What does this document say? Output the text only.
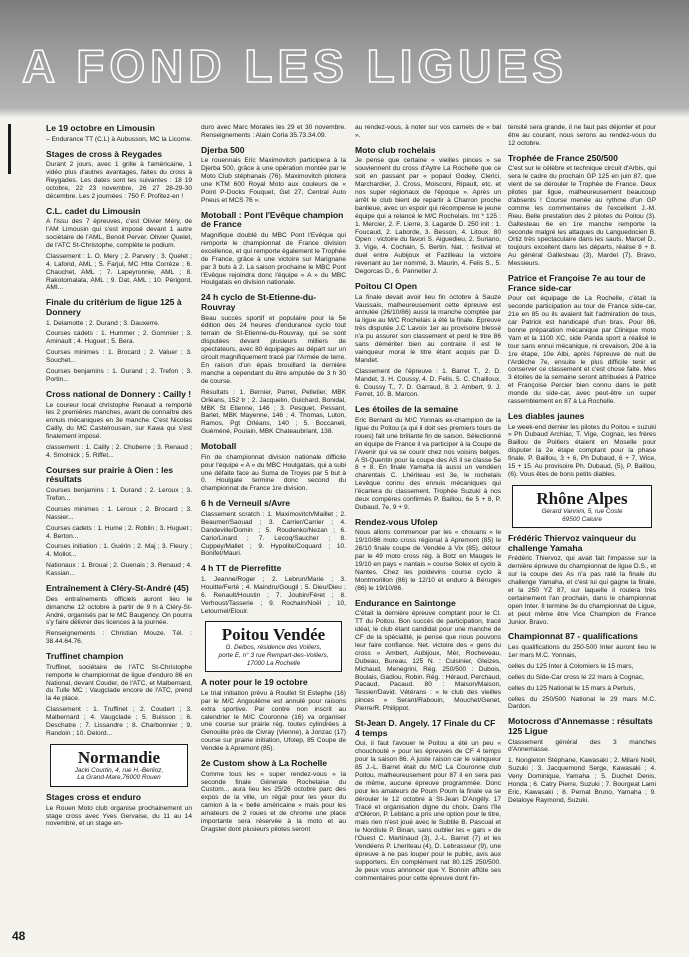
A FOND LES LIGUES
Le 19 octobre en Limousin

– Endurance TT (C.L) à Aubusson, MC la Licorne.

Stages de cross à Reygades

Durant 2 jours, avec 1 grille à l'américaine, 1 vidéo plus d'autres avantages, faites du cross à Reygades. Les dates sont les suivantes : 18 19 octobre, 22 23 novembre, 26 27 28-29-30 décembre. Les 2 journées : 750 F. Profitez-en !

C.L. cadet du Limousin

A l'issu des 7 épreuves, c'est Olivier Méry, de l'AM Limousin qui s'est imposé devant 1 autre sociétaire de l'AML, Benoit Perver. Olivier Quelet, de l'ATC St-Christophe, complète le podium.

Classement : 1. O. Mery ; 2. Parvery ; 3. Quelet ; 4. Lafond, AML ; 5. Farjul, MC Htte Corrèze ; 6. Chauchet, AML ; 7. Lapeyronnie, AML ; 8. Rakotomalala, AML ; 9. Dat, AML ; 10. Périgord, AMI...

Finale du critérium de ligue 125 à Donnery

1. Delamotte ; 2. Durand ; 3. Dauxerre.

Courses cadets : 1. Hummer ; 2. Gommier ; 3. Aminault ; 4. Huguet ; 5. Bera.

Courses minimes : 1. Brocard ; 2. Valuer ; 3. Souchet...

Courses benjamins : 1. Durand ; 2. Trefon ; 3. Portin...

Cross national de Donnery : Cailly !

Le coureur local christophe Renaud a remporté les 2 premières manches, avant de connaître des ennuis mécaniques en 3e manche. C'est Nicolas Cailly, du MC Castelrousain, sur Kawa qui s'est finalement imposé.

classement : 1. Cailly ; 2. Chuberre ; 3. Renaud ; 4. Smolnick ; 5. Riffet...

Courses sur prairie à Oien : les résultats

Courses benjamins : 1. Durand ; 2. Leroux ; 3. Trefon...

Courses minimes : 1. Leroux ; 2. Brocard ; 3. Nassier...

Courses cadets : 1. Hume ; 2. Roblin ; 3. Huguet ; 4. Berton...

Courses initiation : 1. Guérin ; 2. Maj ; 3. Fleury ; 4. Mollot...

Nationaux : 1. Brouai ; 2. Ouenais ; 3. Renaud ; 4. Kassian...

Entraînement à Cléry-St-André (45)

Des entraînements officiels auront lieu le dimanche 12 octobre à partir de 9 h à Cléry-St-André, organisés par le MC Baugency. On pourra s'y faire délivrer des licences à la journée.

Renseignements : Christian Mouze. Tél. : 38.44.64.76.

Truffinet champion

Truffinet, sociétaire de l'ATC St-Christophe remporte le championnat de ligue d'enduro 86 en National, devant Couder, de l'ATC, et Malbernard, du Tulle MC ; Vaugclade encore de l'ATC, prend la 4e place.

Classement : 1. Truffinet ; 2. Coudert ; 3. Malbernard ; 4. Vaugclade ; 5. Buisson ; 6. Deschatre ; 7. Lissandre ; 8. Charbonnier ; 9. Randoin ; 10. Delord...

Normandie
Jacki Courtin, 4, rue H.-Berlioz,
La Grand-Mare,76000 Rouen
Stages cross et enduro

Le Rouen Moto club organise prochainement un stage cross avec Yves Gervaise, du 11 au 14 novembre, et un stage en-

duro avec Marc Morales les 29 et 30 novembre. Renseignements : Alain Corla 35.73.34.09.

Djerba 500

Le rouennais Eric Maximovitch participera à la Djerba 500, grâce à une opération montée par le Moto Club stéphanais (76). Maximovitch pilotera une KTM 600 Royal Moto aux couleurs de « Point P-Docks Fouquet, Get 27, Central Auto Pneus et MCS 76 ».

Motoball : Pont l'Evêque champion de France

Magnifique doublé du MBC Pont l'Evêque qui remporte le championnat de France division excellence, et qui remporte également le Trophée de France, grâce à une victoire sur Marignane par 3 buts à 2. La saison prochaine le MBC Pont l'Evêque rejoindra donc l'équipe « A » du MBC Houlgatais en division nationale.

24 h cyclo de St-Etienne-du-Rouvray

Beau succès sportif et populaire pour la 5e édition des 24 heures d'endurance cyclo tout terrain de St-Etienne-du-Rouvray, qui se sont disputées devant plusieurs milliers de spectateurs, avec 80 équipages au départ sur un circuit magnifiquement tracé par l'Armée de terre. En raison d'un épais brouillard la dernière manche a cependant du être amputée de 3 h 30 de course.

Résultats : 1. Bernier, Parret, Pelletier, MBK Orléans, 152 tr ; 2. Jacquelin, Guichard, Bonidal, MBK St Etienne, 146 ; 3. Pesquet, Pessant, Barlet, MBK Mayenne, 146 ; 4. Thomas, Luton, Ramos, Pgt Orléans, 140 ; 5. Boccaneli, Guéméné, Poulain, MBK Chateaubriant, 138.

Motoball

Fin de championnat division nationale difficile pour l'équipe « A » du MBC Houlgatais, qui a subi une défaite face au Suma de Troyes par 5 but à 0. Houlgate termine donc second du championnat de France 1re division.

6 h de Verneuil s/Avre

Classement scratch : 1. Maximovitch/Maillet ; 2. Beaumer/Saouad ; 3. Carrier/Carrier ; 4. Dandeville/Domin ; 5. Roudenko/Nezan ; 6. Cario/Linard ; 7. Lecoq/Saucher ; 8. Cuppey/Mallet ; 9. Hypolite/Coquard ; 10. Bonifet/Mauri.

4 h TT de Pierrefitte

1. Jeanne/Roger ; 2. Lebrun/Marie ; 3. Houitte/Ferté ; 4. Maindru/Gougil ; 5. Dieu/Dieu ; 6. Renault/Houstin ; 7. Joubin/Féret ; 8. Verhoust/Tasserie ; 9. Rochain/Noël ; 10, Letournel/Elouir.

Poitou Vendée
G. Delbos, résidence des Voiliers,
porte E, n° 3 rue Rempart-des-Voiliers,
17000 La Rochelle
A noter pour le 19 octobre

Le trial initiation prévu à Roullet St Estephe (16) par le M/C Angoulême est annulé pour raisons extra sportive. Par contre non inscrit au calendrier le M/C Couronne (16) va organiser une course sur prairie rég. toutes cylindrées à Genouille près de Civray (Vienne), à Jonzac (17) course sur prairie initiation, Ufolep, 85 Coupe de Vendée à Apremont (85).

2e Custom show à La Rochelle

Comme tous les « super rendez-vous » la seconde finale Génerale Rochelaise du Custom... aura lieu les 25/26 octobre parc des expos de la ville, un régal pour les yeux du camion à la « belle américaine » mais pour les amateurs de 2 roues et de chrome une place importante sera réservée à la moto et au Dragster dont plusieurs pilotes seront

au rendez-vous, à noter sur vos carnets de « bal ».

Moto club rochelais

Je pense que certaine « vieilles pinces » se souviennent du cross d'Aytre La Rochelle que ce soit en passant par « popaul Godey, Clerici, Marchardier, J. Cross, Moisconi, Ripault, etc. et nos super régionaux de l'époque ». Après un arrêt le club bient de repartir à Charron proche banlieue, avec un espoir qui récompense le jeune équipe qui a relancé le M/C Rochelais. Int * 125 : 1. Mercier, 2. F. Lierre, 3. Lagarde D. 250 init : 1. Foucaud, 2. Laborde, 3. Besson, 4. Litoux. 80 Open : victoire du favori S. Aiguedieu, 2. Suriano, 3. Vige, 4. Cochain, 5. Bertin. Nat. : festival et duel entre Aubijoux et Fazilleau la victoire revenant au 1er nommé, 3. Maurin, 4. Felis S., 5. Degorcas D., 6. Pannetier J.

Poitou Cl Open

La finale devait avoir lieu fin octobre à Sauze Vaussais, malheureusement cette épreuve est annulée (26/10/86) aussi la manche comptée par la ligue au M/C Rochelais a été la finale. Epreuve très disputée J.C Lavoix 1er au provisoire blessé n'a pu assurer son classement et perd le titre 86 sans démériter bien au contraire il est le vainqueur moral le titre étant acquis par D. Mandet.

Classement de l'épreuve : 1. Barret T., 2. D. Mandet, 3. H. Coussy, 4. D. Felis, 5. C. Chailloux, 6. Coussy T., 7. D. Garraud, 8. J. Ambert, 9. J. Ferret, 10. B. Marcon.

Les étoiles de la semaine

Eric Bernard du M/C Yonnais ex-champion de la ligue du Poitou (a qui il doit ses premiers tours de roues) fait une brillante fin de saison. Sélectionné en équipe de France il va participer à la Coupe de l'Avenir qui va se courir chez nos voisins belges. A St-Quentin pour la coupe des AS il se classe 5e 8 + 8. En finale Yamaha là aussi un vendéen charentais C. Lhériteau est 3e, le rochelais Levêque connu des ennuis mécaniques qui l'écartera du classement. Trophée Suzuki à nos deux compères confirmés P. Baillou, 6e 5 + 8, P. Dubaud, 7e, 9 + 9.

Rendez-vous Ufolep

Nous allons commencer par les « chouans » le 19/10/86 moto cross régional à Apremont (85) le 26/10 finale coupe de Vendée à Vix (85), détour par le 49 moto cross rég. à Botz en Mauges le 19/10 en pays « nantais » course Solex et cyclo à Nantes. Chez les poidevins course cyclo à Montmorillon (86) le 12/10 et enduro à Béruges (86) le 19/10/86.

Endurance en Saintonge

C'était la dernière épreuve comptant pour le Cl. TT du Poitou. Bon succès de participation, tracé idéal, le club étant candidat pour une manche de CF de la spécialité, je pense que nous pouvons leur faire confiance. Net. victoire des « gens du cross » Ambert, Aubijoux, Mér, Rocheveau, Dubeau, Bureau. 125 N. : Cuisinier, Gleizes, Michaud, Menegrini, Rég. 250/500 : Dubois, Boulais, Gadiou, Robin. Rég. : Héraud, Perchaud, Pacaud, Pacaud. 80 : Maison/Maison, Tessier/David. Vétérans : « le club des vieilles pinces » Serant/Rabouin, Mouchet/Genet, Pierre/R. Philippot.

St-Jean D. Angely. 17 Finale du CF 4 temps

Oui, il faut l'avouer le Poitou a été un peu « chouchouté » pour les épreuves de CF 4 temps pour la saison 86. A juste raison car le vainqueur 85 J.-L. Barret était du M/C La Couronne club Poitou, malheureusement pour 87 il en sera pas de même, aucune épreuve programmée. Donc pour les amateurs de Poum Poum la finale va se dérouler le 12 octobre à St-Jean D'Angély. 17 Tracé et organisation digne du choix. Dans l'île d'Oléron, P. Leblanc a pris une option pour le titre, mais rien n'est joué avec le Subtile B. Pascual et le Nordiste P. Binan, sans oublier les « gars » de l'Ouest C. Martinaud (3), J.-L. Barret (7) et les Vendéens P. Lheriteau (4), D. Lebrasseur (9), une épreuve à ne pas louper pour le public, avis aux supporters. En complément nat 80.125 250/500. Je peux vous annoncer que Y. Bonnin affûte ses commentaires pour cette épreuve dont l'in-

tensité sera grande, il ne faut pas déjonter et pour être au courant, nous serons au rendez-vous du 12 octobre.

Trophée de France 250/500

C'est sur le célèbre et technique circuit d'Arbis, qui sera le cadre du prochain GP 125 en juin 87, que vient de se dérouler le Trophée de France. Deux pilotes par ligue, malheureusement beaucoup d'absents ! Course menée au rythme d'un GP comme les commentaires de l'excellent J.-M. Rieu. Belle prestation des 2 pilotes du Poitou (3). Gallesteau 6e en 1re manche remporte la seconde malgré les attaques du Languedocien B. Ortiz très spectaculaire dans les sauts, Marcel D., toujours excellent dans les départs, réalise 8 + 8. Au général Gallesteau (3), Mardel (7). Bravo, Messieurs.

Patrice et Françoise 7e au tour de France side-car

Pour cet équipage de La Rochelle, c'était la seconde participation au tour de France side-car, 21e en 85 ou ils avaient fait l'admiration de tous, car Patrick est handicapé d'un bras. Pour 86, bonne préparation mécanique par Clinique moto Yam et la 1100 XC, side Panda sport a réalisé le tour sans ennui mécanique, ni crevaison, 20e à la 1re étape, 10e Albi, après l'épreuve de nuit de l'Ardèche 7e, ensuite le plus difficile tenir et conserver ce classement et c'est chose faite. Mes 3 étoiles de la semaine seront attribuées à Patrice et Françoise Percier bien connu dans le petit monde du side-car, avec peut-être un super rassemblement en 87 à La Rochelle.

Les diables jaunes

Le week-end dernier les pilotes du Poitou « suzuki » Ph Dubaud Archiac, T. Vige, Cognac, les frères Baillou de Poitiers étaient en Moselle pour disputer la 2e étape comptant pour la phase finale. P. Baillou, 3 + 6, Ph Dubaud, 6 + 7, Wice, 15 + 15. Au provisoire Ph. Dubaud, (5), P. Baillou, (6). Vous êtes de bons petits diables.

Rhône Alpes
Gérard Vannini, 5, rue Coste
69500 Caluire
Frédéric Thiervoz vainqueur du challenge Yamaha

Frédéric Thiervoz, qui avait fait l'impasse sur la dernière épreuve du championnat de ligue D.S., et sur la coupe des As n'a pas raté la finale du challenge Yamaha, et c'est lui qui gagne la finale, et la 250 YZ 87, sur laquelle il roulera très certainement l'an prochain, dans le championnat open Inter. Il termine 3e du championnat de Ligue, et peut même être Vice Champion de France Junior. Bravo.

Championnat 87 - qualifications

Les qualifications du 250-500 Inter auront lieu le 1er mars M.C. Yonnais,

celles du 125 Inter à Colomiers le 15 mars,

celles du Side-Car cross le 22 mars à Cognac,

celles du 125 National le 15 mars à Pertuis,

celles du 250/500 National le 29 mars M.C. Dardon.

Motocross d'Annemasse : résultats 125 Ligue

Classement général des 3 manches d'Annemasse.

1. Nongleton Stéphane, Kawasaki ; 2. Milani Noël, Suzuki ; 3. Jacquemond Serge, Kawasaki ; 4. Veny Dominique, Yamaha ; 5. Duchet Denis, Honda ; 6. Catry Pierre, Suzuki ; 7. Bourgeat Lami Eric, Kawasaki ; 8. Pernat Bruno, Yamaha ; 9. Delaloye Raymond, Suzuki.

48
